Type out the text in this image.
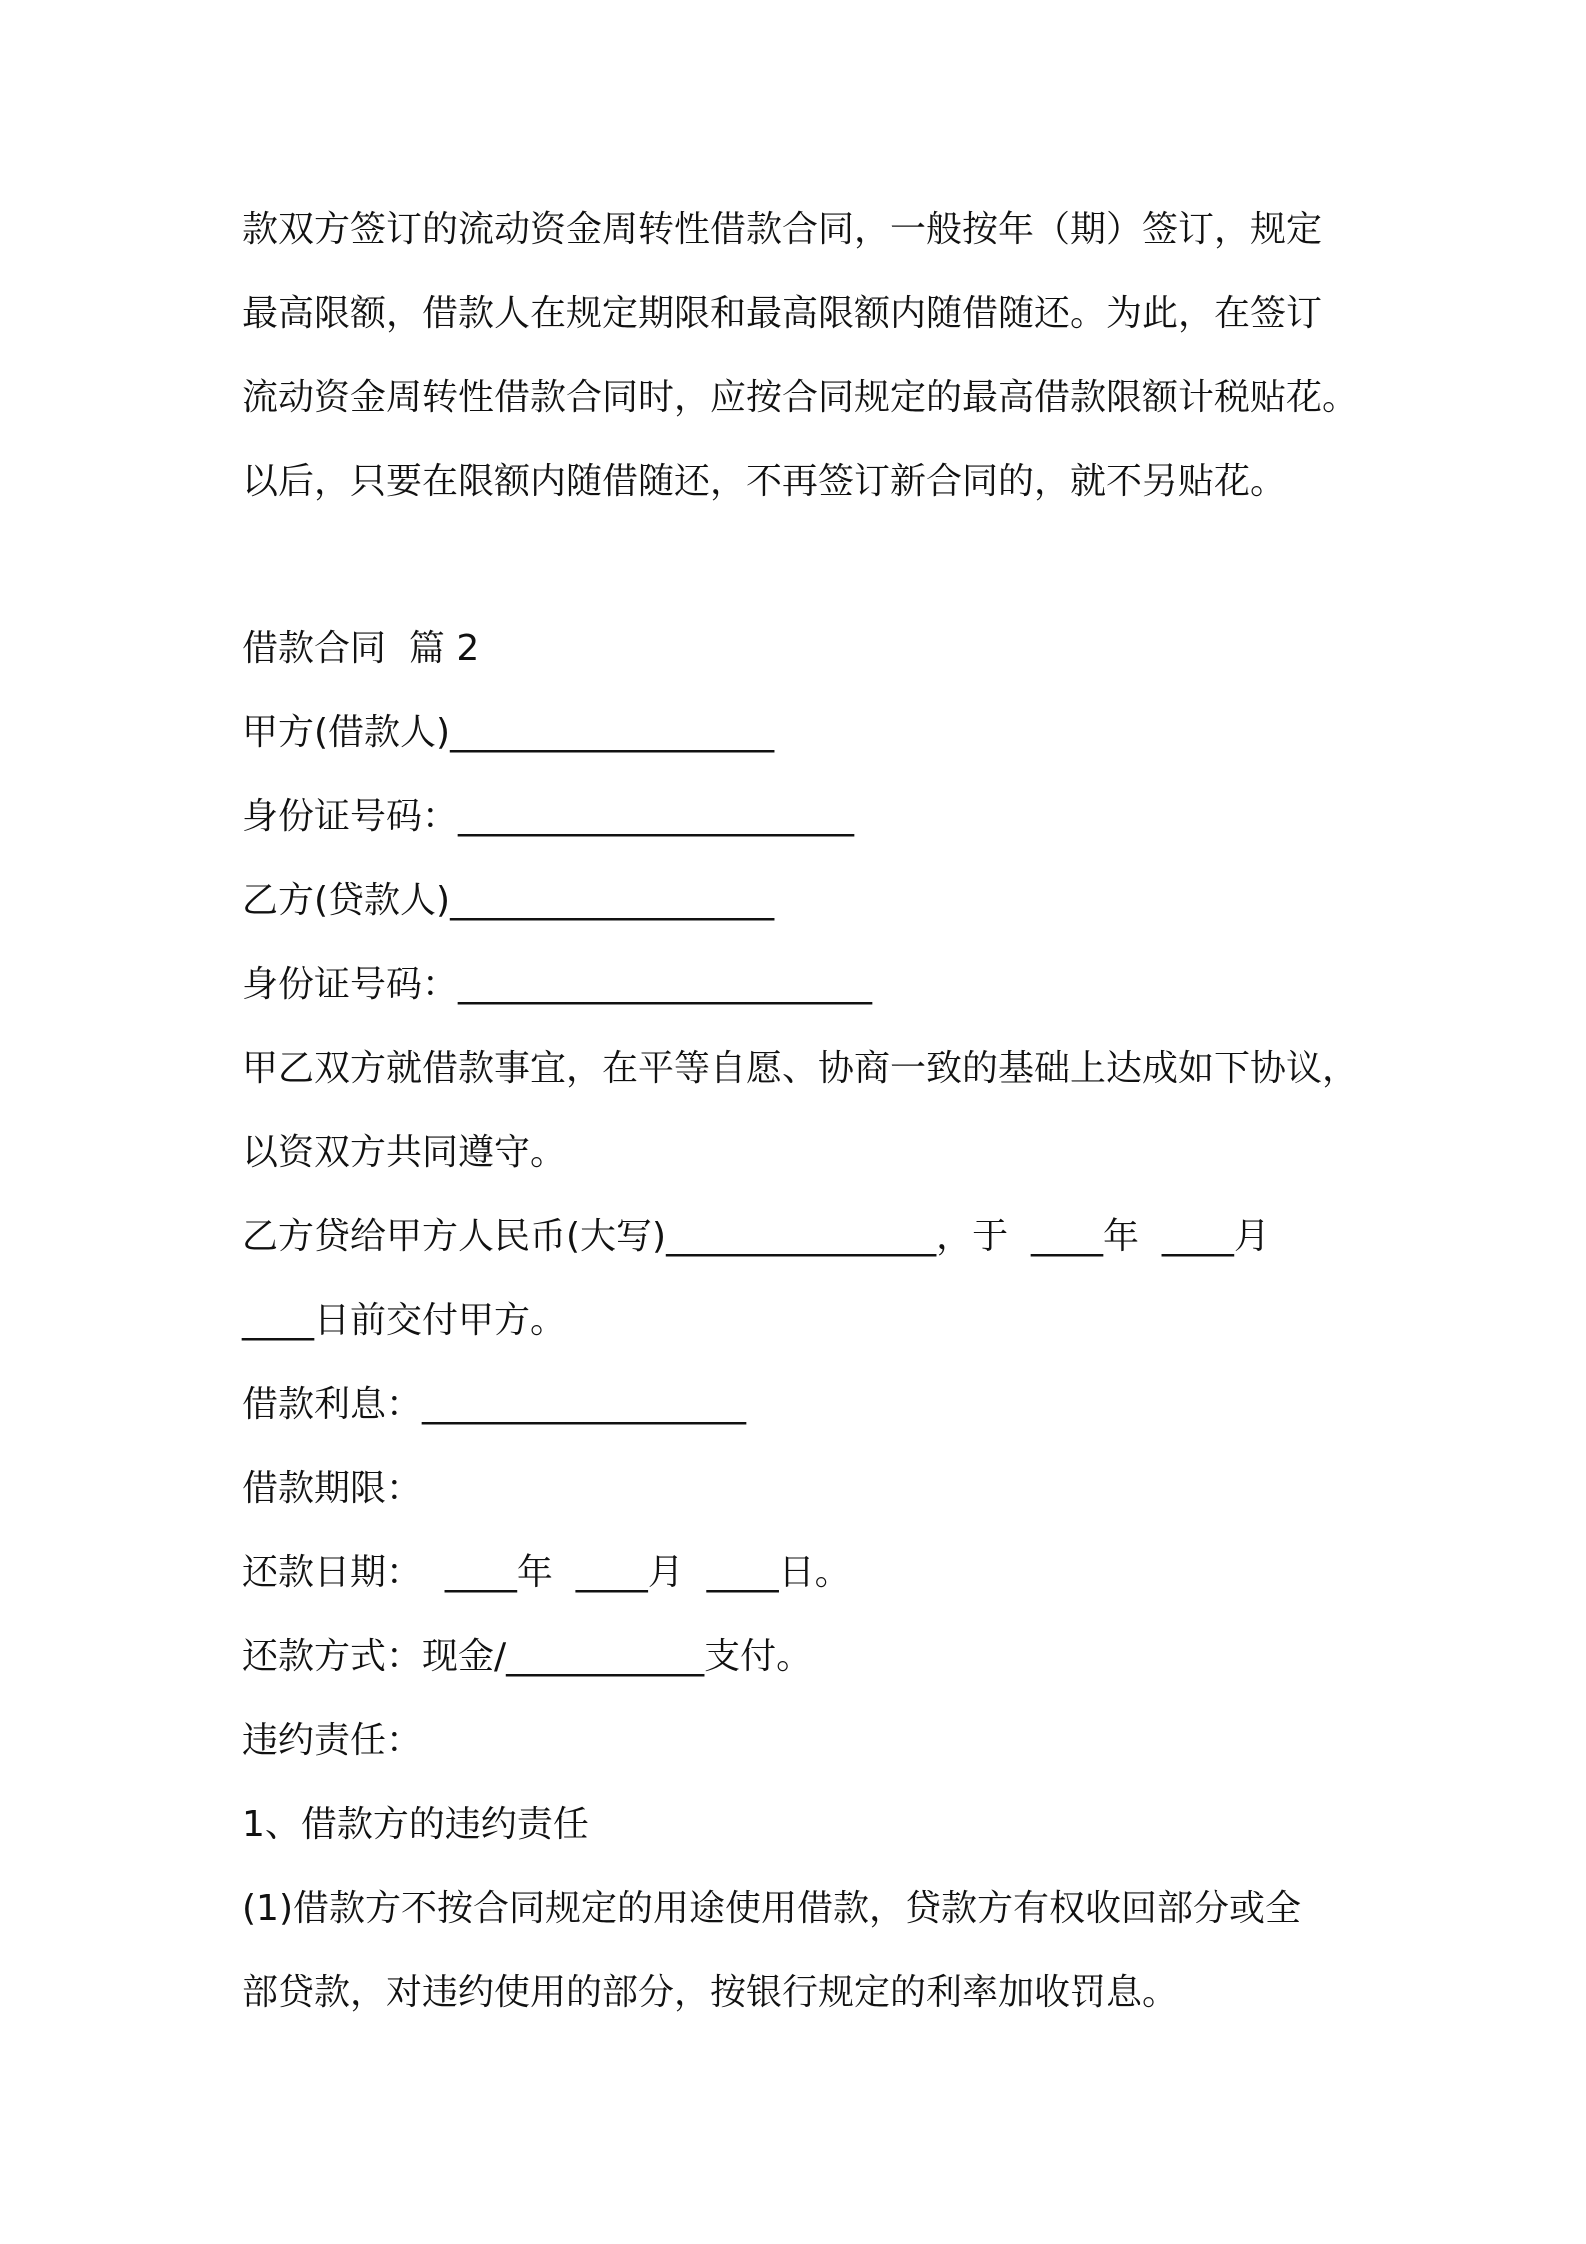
款双方签订的流动资金周转性借款合同，一般按年（期）签订，规定
最高限额，借款人在规定期限和最高限额内随借随还。为此，在签订
流动资金周转性借款合同时，应按合同规定的最高借款限额计税贴花。
以后，只要在限额内随借随还，不再签订新合同的，就不另贴花。
借款合同  篇 2
甲方(借款人)__________________
身份证号码：______________________
乙方(贷款人)__________________
身份证号码：_______________________
甲乙双方就借款事宜，在平等自愿、协商一致的基础上达成如下协议，
以资双方共同遵守。
乙方贷给甲方人民币(大写)_______________，于  ____年  ____月
____日前交付甲方。
借款利息：__________________
借款期限：
还款日期：  ____年  ____月  ____日。
还款方式：现金/___________支付。
违约责任：
1、借款方的违约责任
(1)借款方不按合同规定的用途使用借款，贷款方有权收回部分或全
部贷款，对违约使用的部分，按银行规定的利率加收罚息。
